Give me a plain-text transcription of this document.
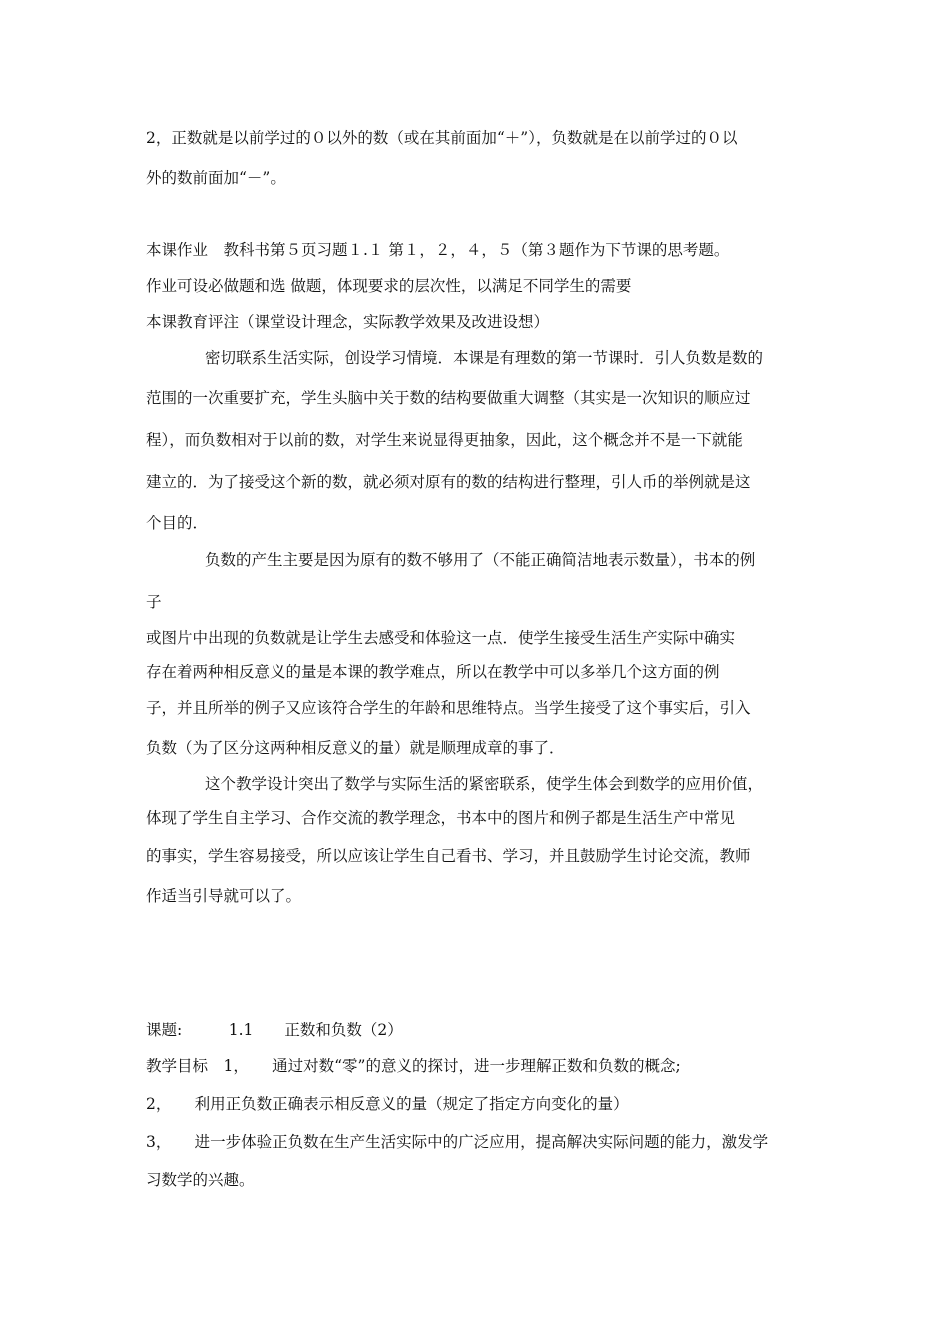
2，正数就是以前学过的０以外的数（或在其前面加“＋”），负数就是在以前学过的０以
外的数前面加“－”。
本课作业　教科书第５页习题１.１ 第１，２，４，５（第３题作为下节课的思考题。
作业可设必做题和选 做题，体现要求的层次性，以满足不同学生的需要
本课教育评注（课堂设计理念，实际教学效果及改进设想）
密切联系生活实际，创设学习情境．本课是有理数的第一节课时．引人负数是数的
范围的一次重要扩充，学生头脑中关于数的结构要做重大调整（其实是一次知识的顺应过
程），而负数相对于以前的数，对学生来说显得更抽象，因此，这个概念并不是一下就能
建立的．为了接受这个新的数，就必须对原有的数的结构进行整理，引人币的举例就是这
个目的．
负数的产生主要是因为原有的数不够用了（不能正确简洁地表示数量），书本的例
子
或图片中出现的负数就是让学生去感受和体验这一点．使学生接受生活生产实际中确实
存在着两种相反意义的量是本课的教学难点，所以在教学中可以多举几个这方面的例
子，并且所举的例子又应该符合学生的年龄和思维特点。当学生接受了这个事实后，引入
负数（为了区分这两种相反意义的量）就是顺理成章的事了．
这个教学设计突出了数学与实际生活的紧密联系，使学生体会到数学的应用价值，
体现了学生自主学习、合作交流的教学理念，书本中的图片和例子都是生活生产中常见
的事实，学生容易接受，所以应该让学生自己看书、学习，并且鼓励学生讨论交流，教师
作适当引导就可以了。
课题:　　　1.1　　正数和负数（2）
教学目标　1，　　通过对数“零”的意义的探讨，进一步理解正数和负数的概念;
2，　　利用正负数正确表示相反意义的量（规定了指定方向变化的量）
3，　　进一步体验正负数在生产生活实际中的广泛应用，提高解决实际问题的能力，激发学
习数学的兴趣。
